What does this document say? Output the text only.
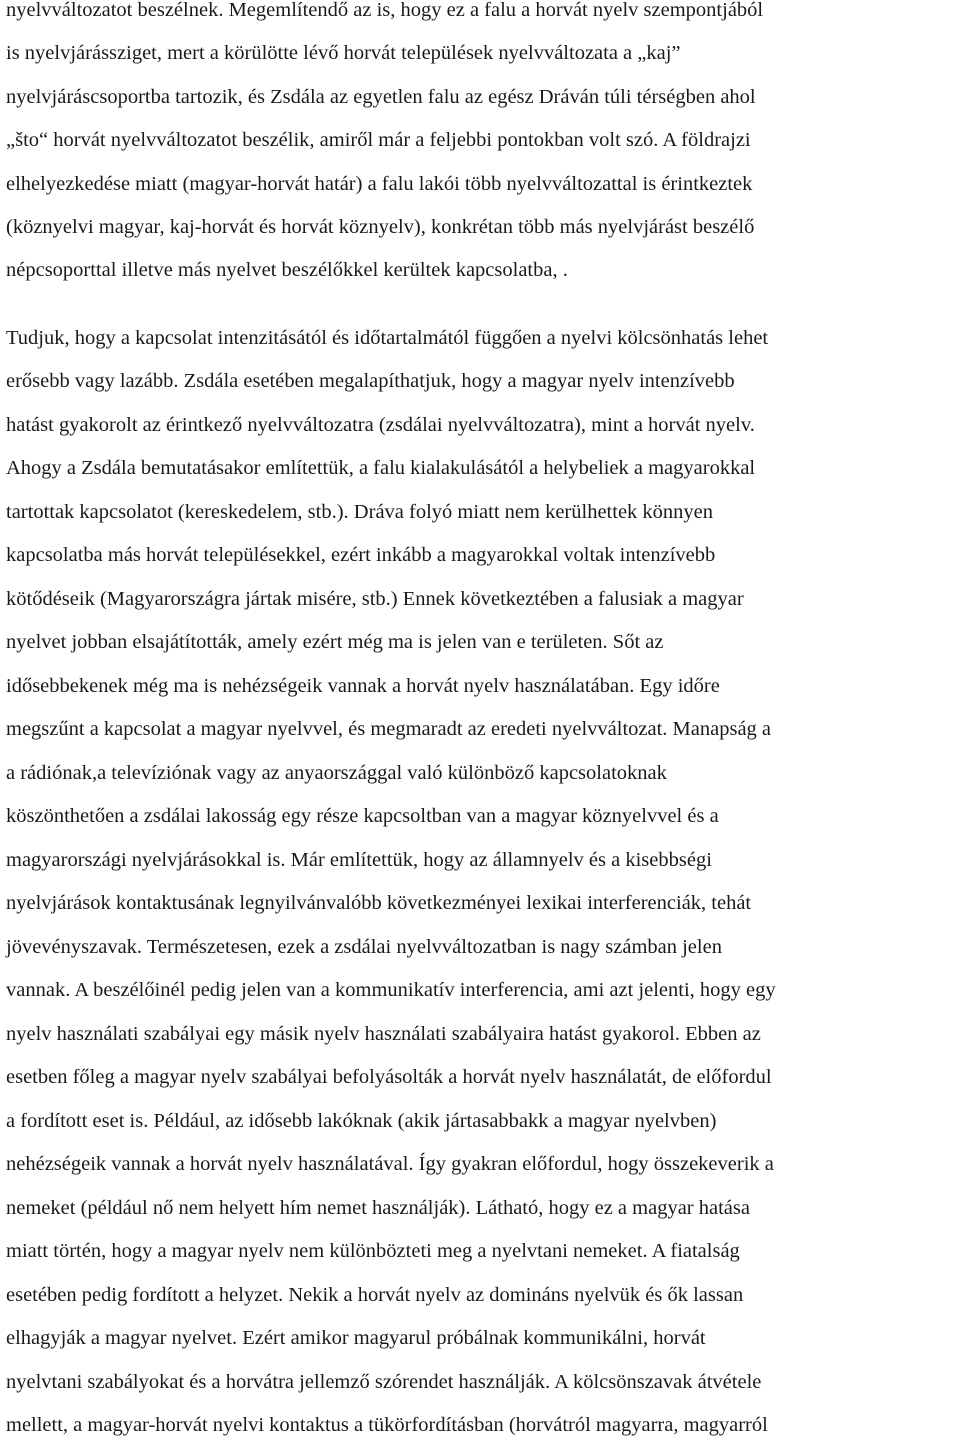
nyelvváltozatot beszélnek. Megemlítendő az is, hogy ez a falu a horvát nyelv szempontjából
is nyelvjárássziget, mert a körülötte lévő horvát települések nyelvváltozata a „kaj”
nyelvjáráscsoportba tartozik, és Zsdála az egyetlen falu az egész Dráván túli térségben ahol
„što“ horvát nyelvváltozatot beszélik, amiről már a feljebbi pontokban volt szó. A földrajzi
elhelyezkedése miatt (magyar-horvát határ) a falu lakói több nyelvváltozattal is érintkeztek
(köznyelvi magyar, kaj-horvát és horvát köznyelv), konkrétan több más nyelvjárást beszélő
népcsoporttal illetve más nyelvet beszélőkkel kerültek kapcsolatba, .
Tudjuk, hogy a kapcsolat intenzitásától és időtartalmától függően a nyelvi kölcsönhatás lehet
erősebb vagy lazább. Zsdála esetében megalapíthatjuk, hogy a magyar nyelv intenzívebb
hatást gyakorolt az érintkező nyelvváltozatra (zsdálai nyelvváltozatra), mint a horvát nyelv.
Ahogy a Zsdála bemutatásakor említettük, a falu kialakulásától a helybeliek a magyarokkal
tartottak kapcsolatot (kereskedelem, stb.). Dráva folyó miatt nem kerülhettek könnyen
kapcsolatba más horvát településekkel, ezért inkább a magyarokkal voltak intenzívebb
kötődéseik (Magyarországra jártak misére, stb.) Ennek következtében a falusiak a magyar
nyelvet jobban elsajátították, amely ezért még ma is jelen van e területen. Sőt az
idősebbekenek még ma is nehézségeik vannak a horvát nyelv használatában. Egy időre
megszűnt a kapcsolat a magyar nyelvvel, és megmaradt az eredeti nyelvváltozat. Manapság a
a rádiónak,a televíziónak vagy az anyaországgal való különböző kapcsolatoknak
köszönthetően a zsdálai lakosság egy része kapcsoltban van a magyar köznyelvvel és a
magyarországi nyelvjárásokkal is. Már említettük, hogy az államnyelv és a kisebbségi
nyelvjárások kontaktusának legnyilvánvalóbb következményei lexikai interferenciák, tehát
jövevényszavak. Természetesen, ezek a zsdálai nyelvváltozatban is nagy számban jelen
vannak. A beszélőinél pedig jelen van a kommunikatív interferencia, ami azt jelenti, hogy egy
nyelv használati szabályai egy másik nyelv használati szabályaira hatást gyakorol. Ebben az
esetben főleg a magyar nyelv szabályai befolyásolták a horvát nyelv használatát, de előfordul
a fordított eset is. Például, az idősebb lakóknak (akik jártasabbakk a magyar nyelvben)
nehézségeik vannak a horvát nyelv használatával. Így gyakran előfordul, hogy összekeverik a
nemeket (például nő nem helyett hím nemet használják). Látható, hogy ez a magyar hatása
miatt történ, hogy a magyar nyelv nem különbözteti meg a nyelvtani nemeket. A fiatalság
esetében pedig fordított a helyzet. Nekik a horvát nyelv az domináns nyelvük és ők lassan
elhagyják a magyar nyelvet. Ezért amikor magyarul próbálnak kommunikálni, horvát
nyelvtani szabályokat és a horvátra jellemző szórendet használják. A kölcsönszavak átvétele
mellett, a magyar-horvát nyelvi kontaktus a tükörfordításban (horvátról magyarra, magyarról
